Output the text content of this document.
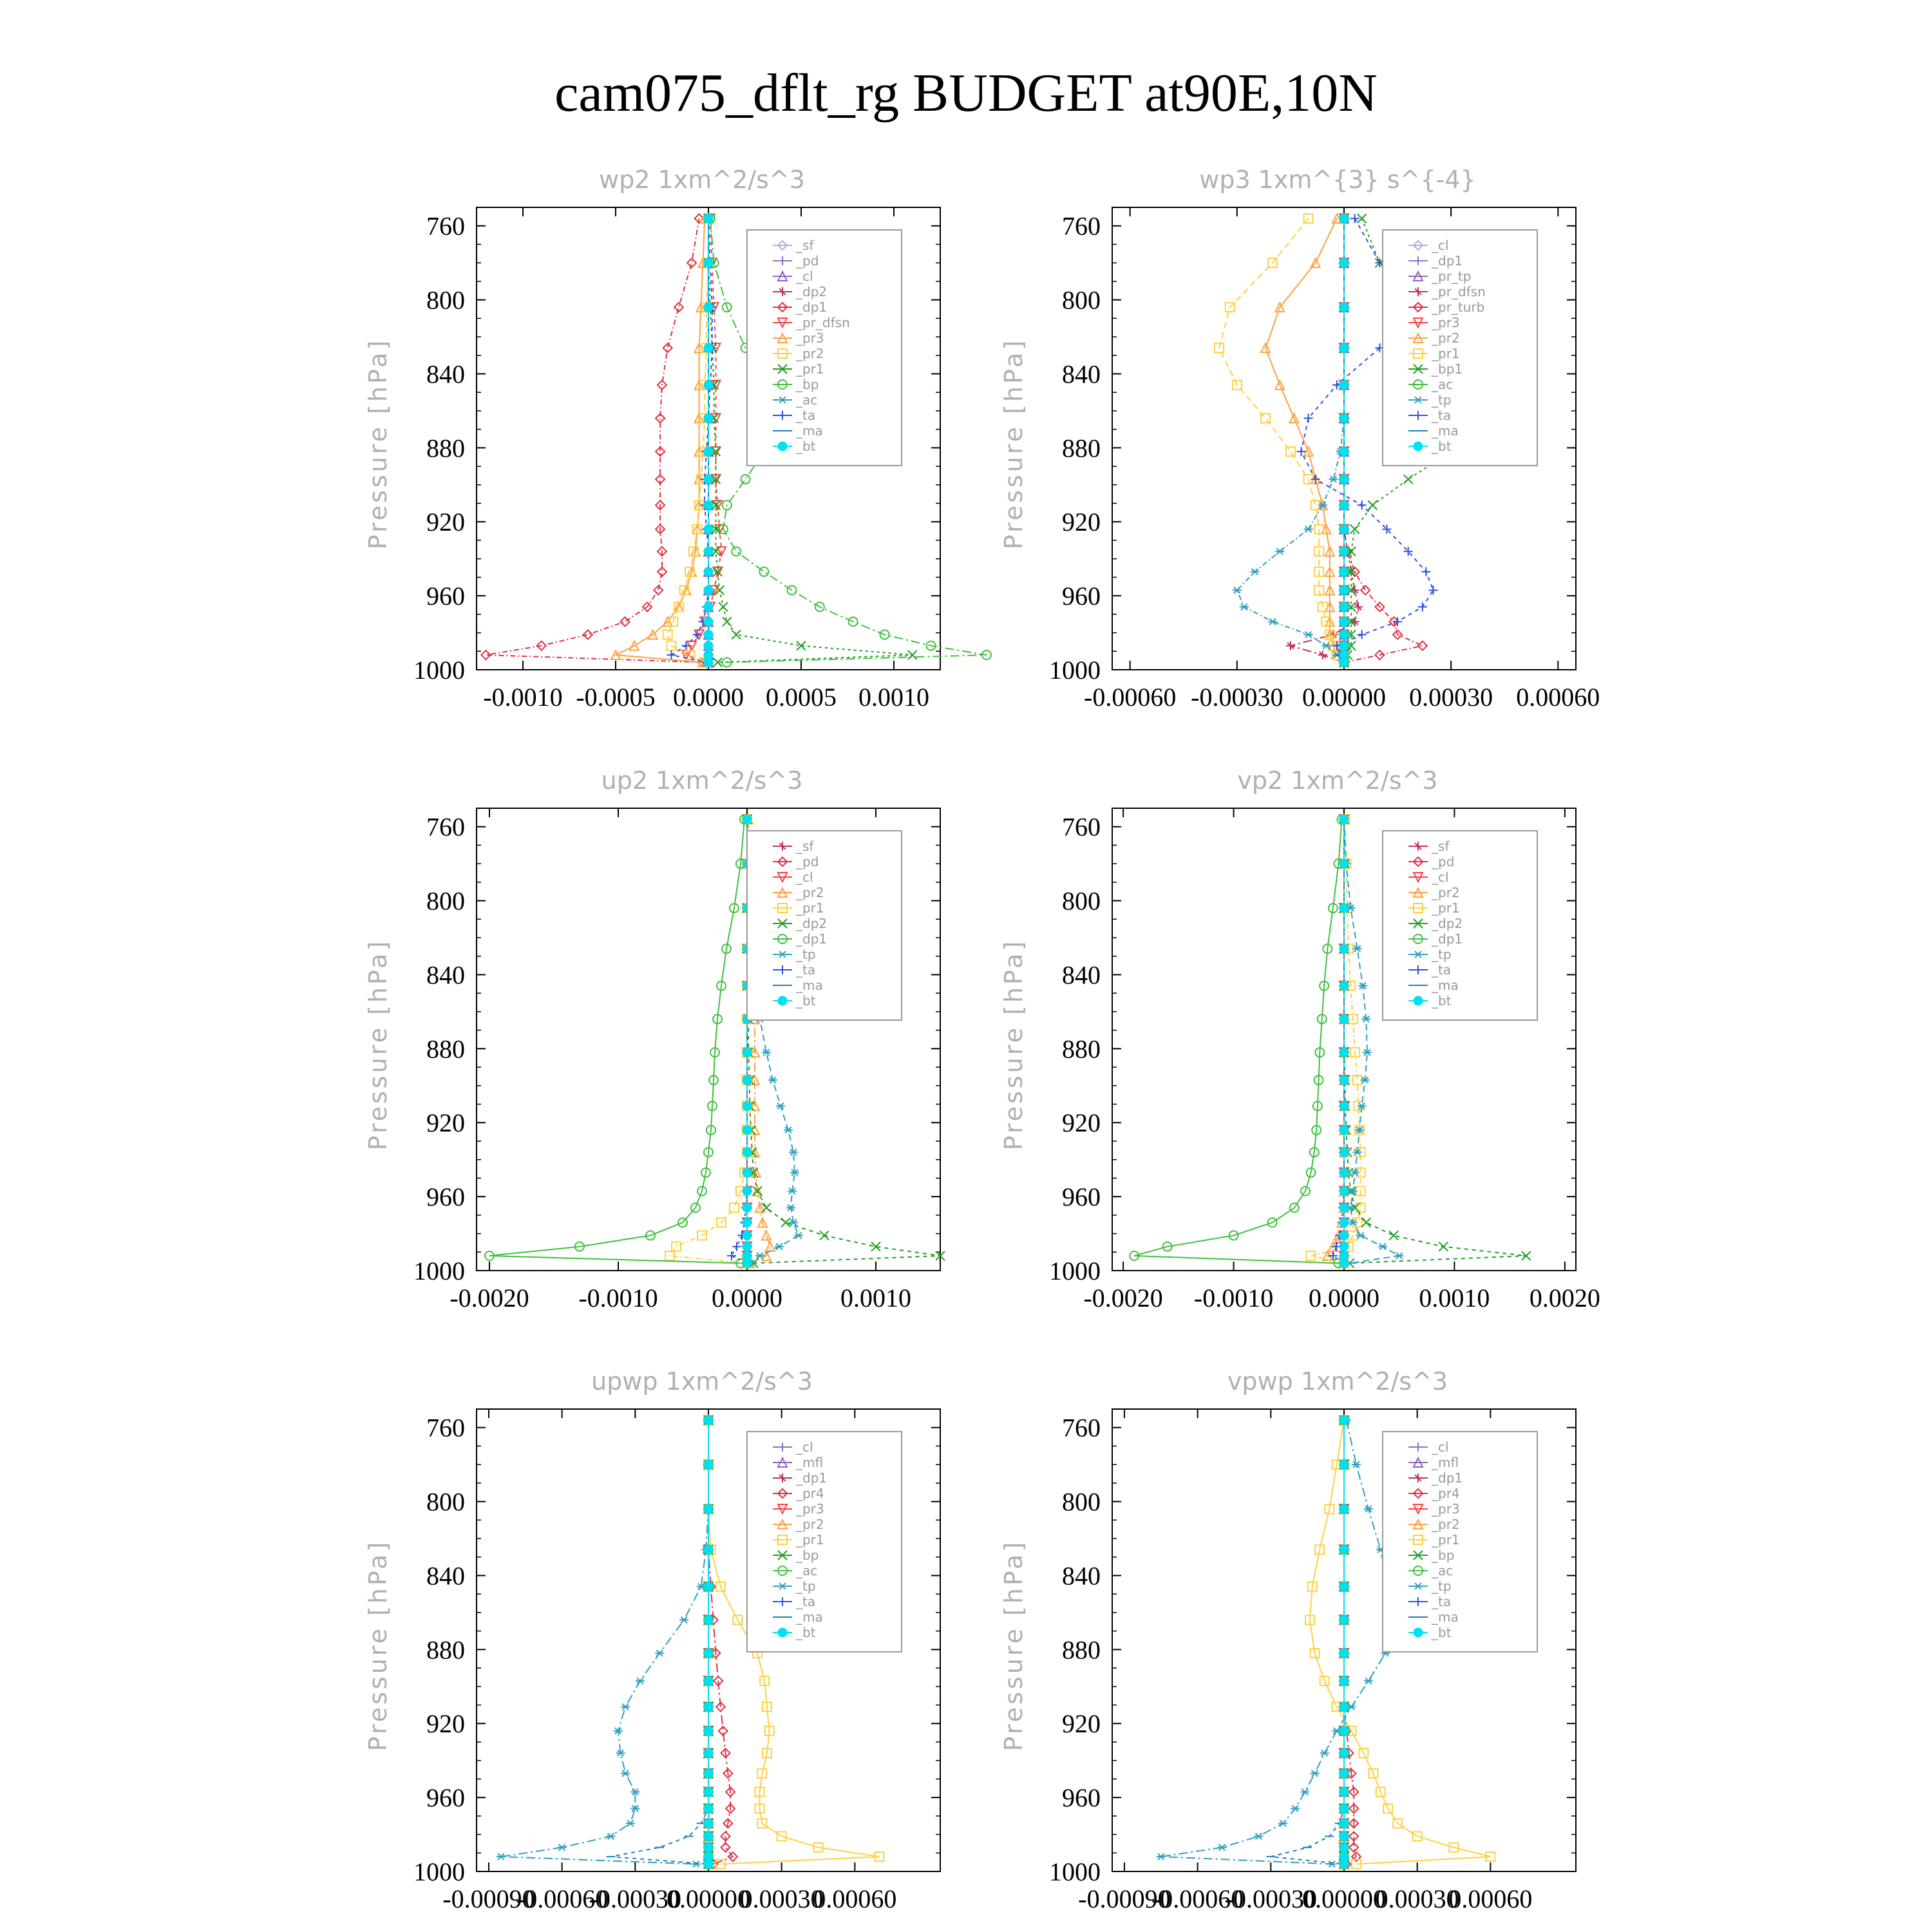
cam075_dflt_rg BUDGET at90E,10N
wp2 1xm^2/s^3
Pressure [hPa]
760
800
840
880
920
960
1000
-0.0010 -0.0005 0.0000 0.0005 0.0010
_sf
_pd
_cl
_dp2
_dp1
_pr_dfsn
_pr3
_pr2
_pr1
_bp
_ac
_ta
_ma
_bt
wp3 1xm^{3} s^{-4}
Pressure [hPa]
760
800
840
880
920
960
1000
-0.00060 -0.00030 0.00000 0.00030 0.00060
_cl
_dp1
_pr_tp
_pr_dfsn
_pr_turb
_pr3
_pr2
_pr1
_bp1
_ac
_tp
_ta
_ma
_bt
up2 1xm^2/s^3
Pressure [hPa]
760
800
840
880
920
960
1000
-0.0020 -0.0010 0.0000 0.0010
_sf
_pd
_cl
_pr2
_pr1
_dp2
_dp1
_tp
_ta
_ma
_bt
vp2 1xm^2/s^3
Pressure [hPa]
760
800
840
880
920
960
1000
-0.0020 -0.0010 0.0000 0.0010 0.0020
_sf
_pd
_cl
_pr2
_pr1
_dp2
_dp1
_tp
_ta
_ma
_bt
upwp 1xm^2/s^3
Pressure [hPa]
760
800
840
880
920
960
1000
-0.00090
-0.00060
-0.00030
0.00000
0.00030
0.00060
_cl
_mfl
_dp1
_pr4
_pr3
_pr2
_pr1
_bp
_ac
_tp
_ta
_ma
_bt
vpwp 1xm^2/s^3
Pressure [hPa]
760
800
840
880
920
960
1000
-0.00090
-0.00060
-0.00030
0.00000
0.00030
0.00060
_cl
_mfl
_dp1
_pr4
_pr3
_pr2
_pr1
_bp
_ac
_tp
_ta
_ma
_bt
